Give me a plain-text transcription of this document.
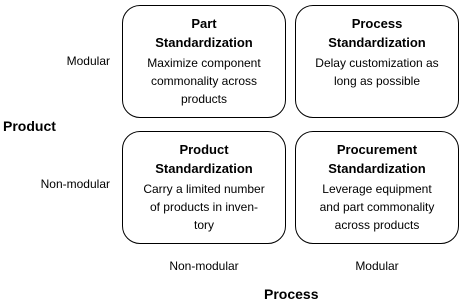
Part
Standardization
Maximize component
commonality across
products
Process
Standardization
Delay customization as
long as possible
Product
Standardization
Carry a limited number
of products in inven-
tory
Procurement
Standardization
Leverage equipment
and part commonality
across products
Modular
Non-modular
Non-modular	Modular
Product
Process
